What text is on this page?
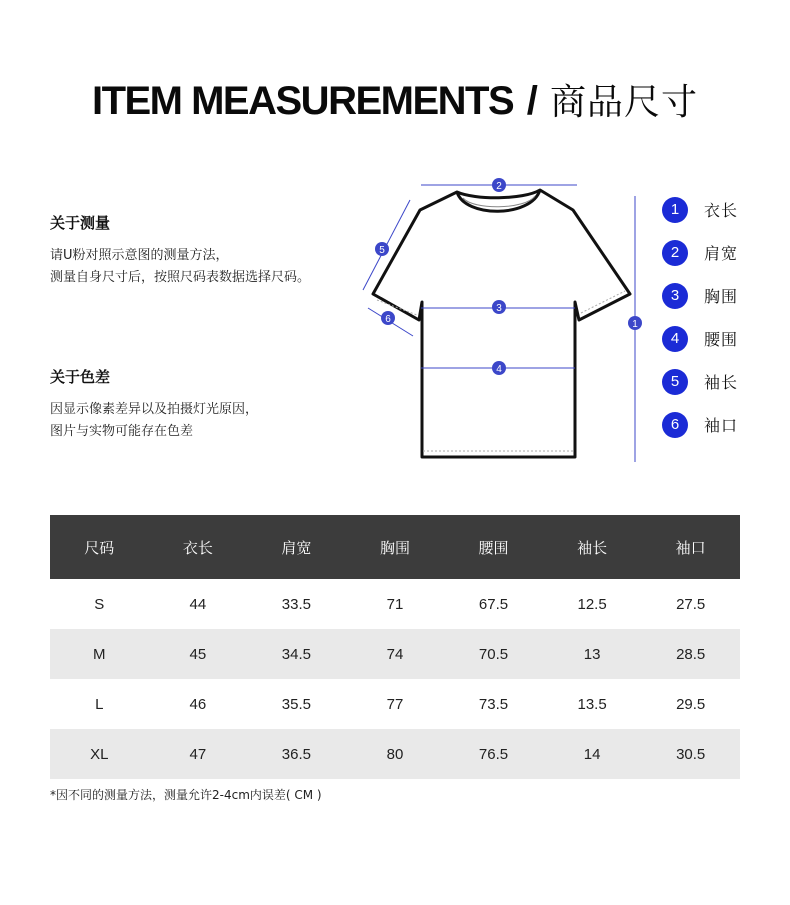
ITEM MEASUREMENTS / 商品尺寸
关于测量

请U粉对照示意图的测量方法，

测量自身尺寸后，按照尺码表数据选择尺码。

关于色差

因显示像素差异以及拍摄灯光原因，

图片与实物可能存在色差

2
3
4
1
5
6
1	衣长
2	肩宽
3	胸围
4	腰围
5	袖长
6	袖口
尺码	衣长	肩宽	胸围	腰围	袖长	袖口
S	44	33.5	71	67.5	12.5	27.5
M	45	34.5	74	70.5	13	28.5
L	46	35.5	77	73.5	13.5	29.5
XL	47	36.5	80	76.5	14	30.5
*因不同的测量方法，测量允许2-4cm内误差( CM )
